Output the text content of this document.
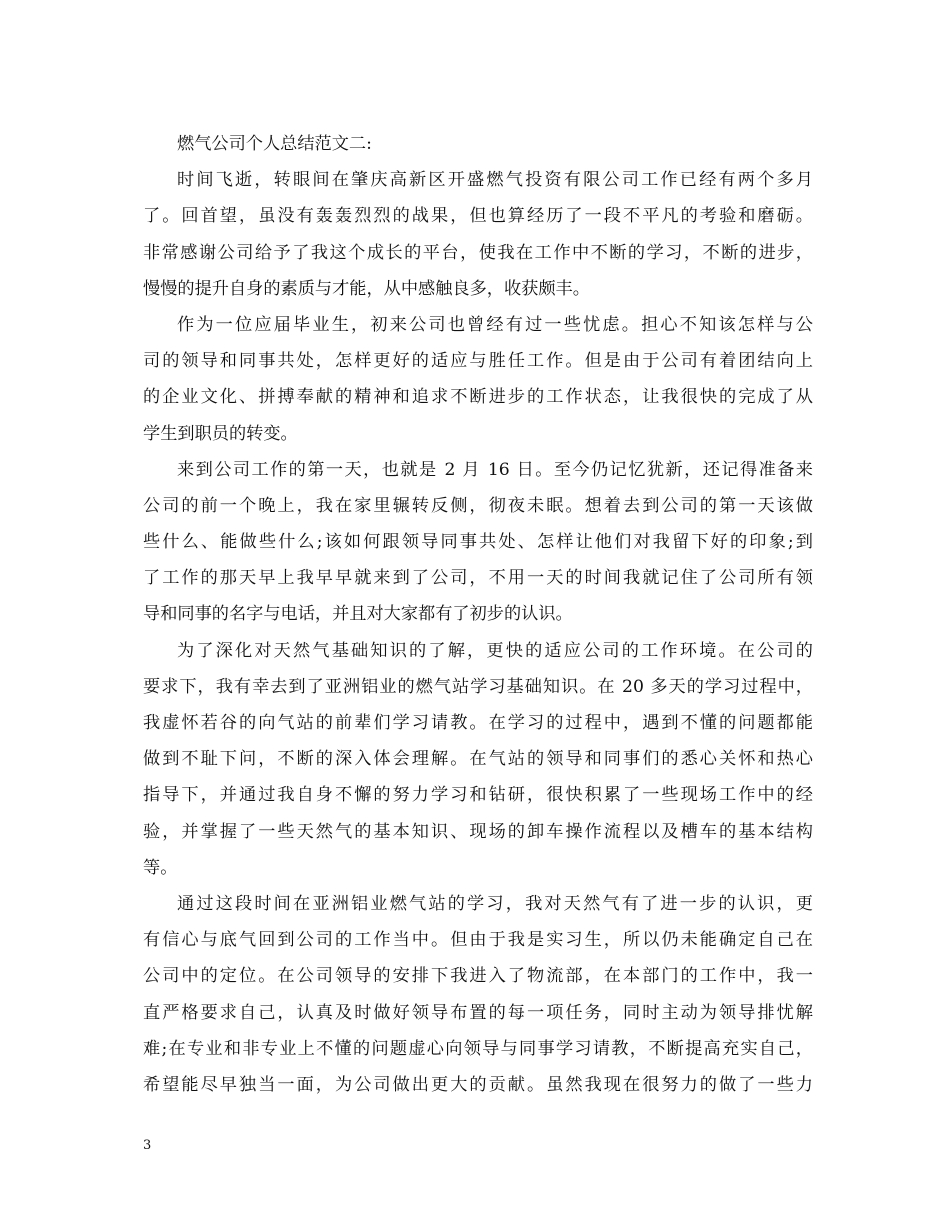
燃气公司个人总结范文二:
时间飞逝，转眼间在肇庆高新区开盛燃气投资有限公司工作已经有两个多月
了。回首望，虽没有轰轰烈烈的战果，但也算经历了一段不平凡的考验和磨砺。
非常感谢公司给予了我这个成长的平台，使我在工作中不断的学习，不断的进步，
慢慢的提升自身的素质与才能，从中感触良多，收获颇丰。
作为一位应届毕业生，初来公司也曾经有过一些忧虑。担心不知该怎样与公
司的领导和同事共处，怎样更好的适应与胜任工作。但是由于公司有着团结向上
的企业文化、拼搏奉献的精神和追求不断进步的工作状态，让我很快的完成了从
学生到职员的转变。
来到公司工作的第一天，也就是 2 月 16 日。至今仍记忆犹新，还记得准备来
公司的前一个晚上，我在家里辗转反侧，彻夜未眠。想着去到公司的第一天该做
些什么、能做些什么;该如何跟领导同事共处、怎样让他们对我留下好的印象;到
了工作的那天早上我早早就来到了公司，不用一天的时间我就记住了公司所有领
导和同事的名字与电话，并且对大家都有了初步的认识。
为了深化对天然气基础知识的了解，更快的适应公司的工作环境。在公司的
要求下，我有幸去到了亚洲铝业的燃气站学习基础知识。在 20 多天的学习过程中，
我虚怀若谷的向气站的前辈们学习请教。在学习的过程中，遇到不懂的问题都能
做到不耻下问，不断的深入体会理解。在气站的领导和同事们的悉心关怀和热心
指导下，并通过我自身不懈的努力学习和钻研，很快积累了一些现场工作中的经
验，并掌握了一些天然气的基本知识、现场的卸车操作流程以及槽车的基本结构
等。
通过这段时间在亚洲铝业燃气站的学习，我对天然气有了进一步的认识，更
有信心与底气回到公司的工作当中。但由于我是实习生，所以仍未能确定自己在
公司中的定位。在公司领导的安排下我进入了物流部，在本部门的工作中，我一
直严格要求自己，认真及时做好领导布置的每一项任务，同时主动为领导排忧解
难;在专业和非专业上不懂的问题虚心向领导与同事学习请教，不断提高充实自己，
希望能尽早独当一面，为公司做出更大的贡献。虽然我现在很努力的做了一些力
3
